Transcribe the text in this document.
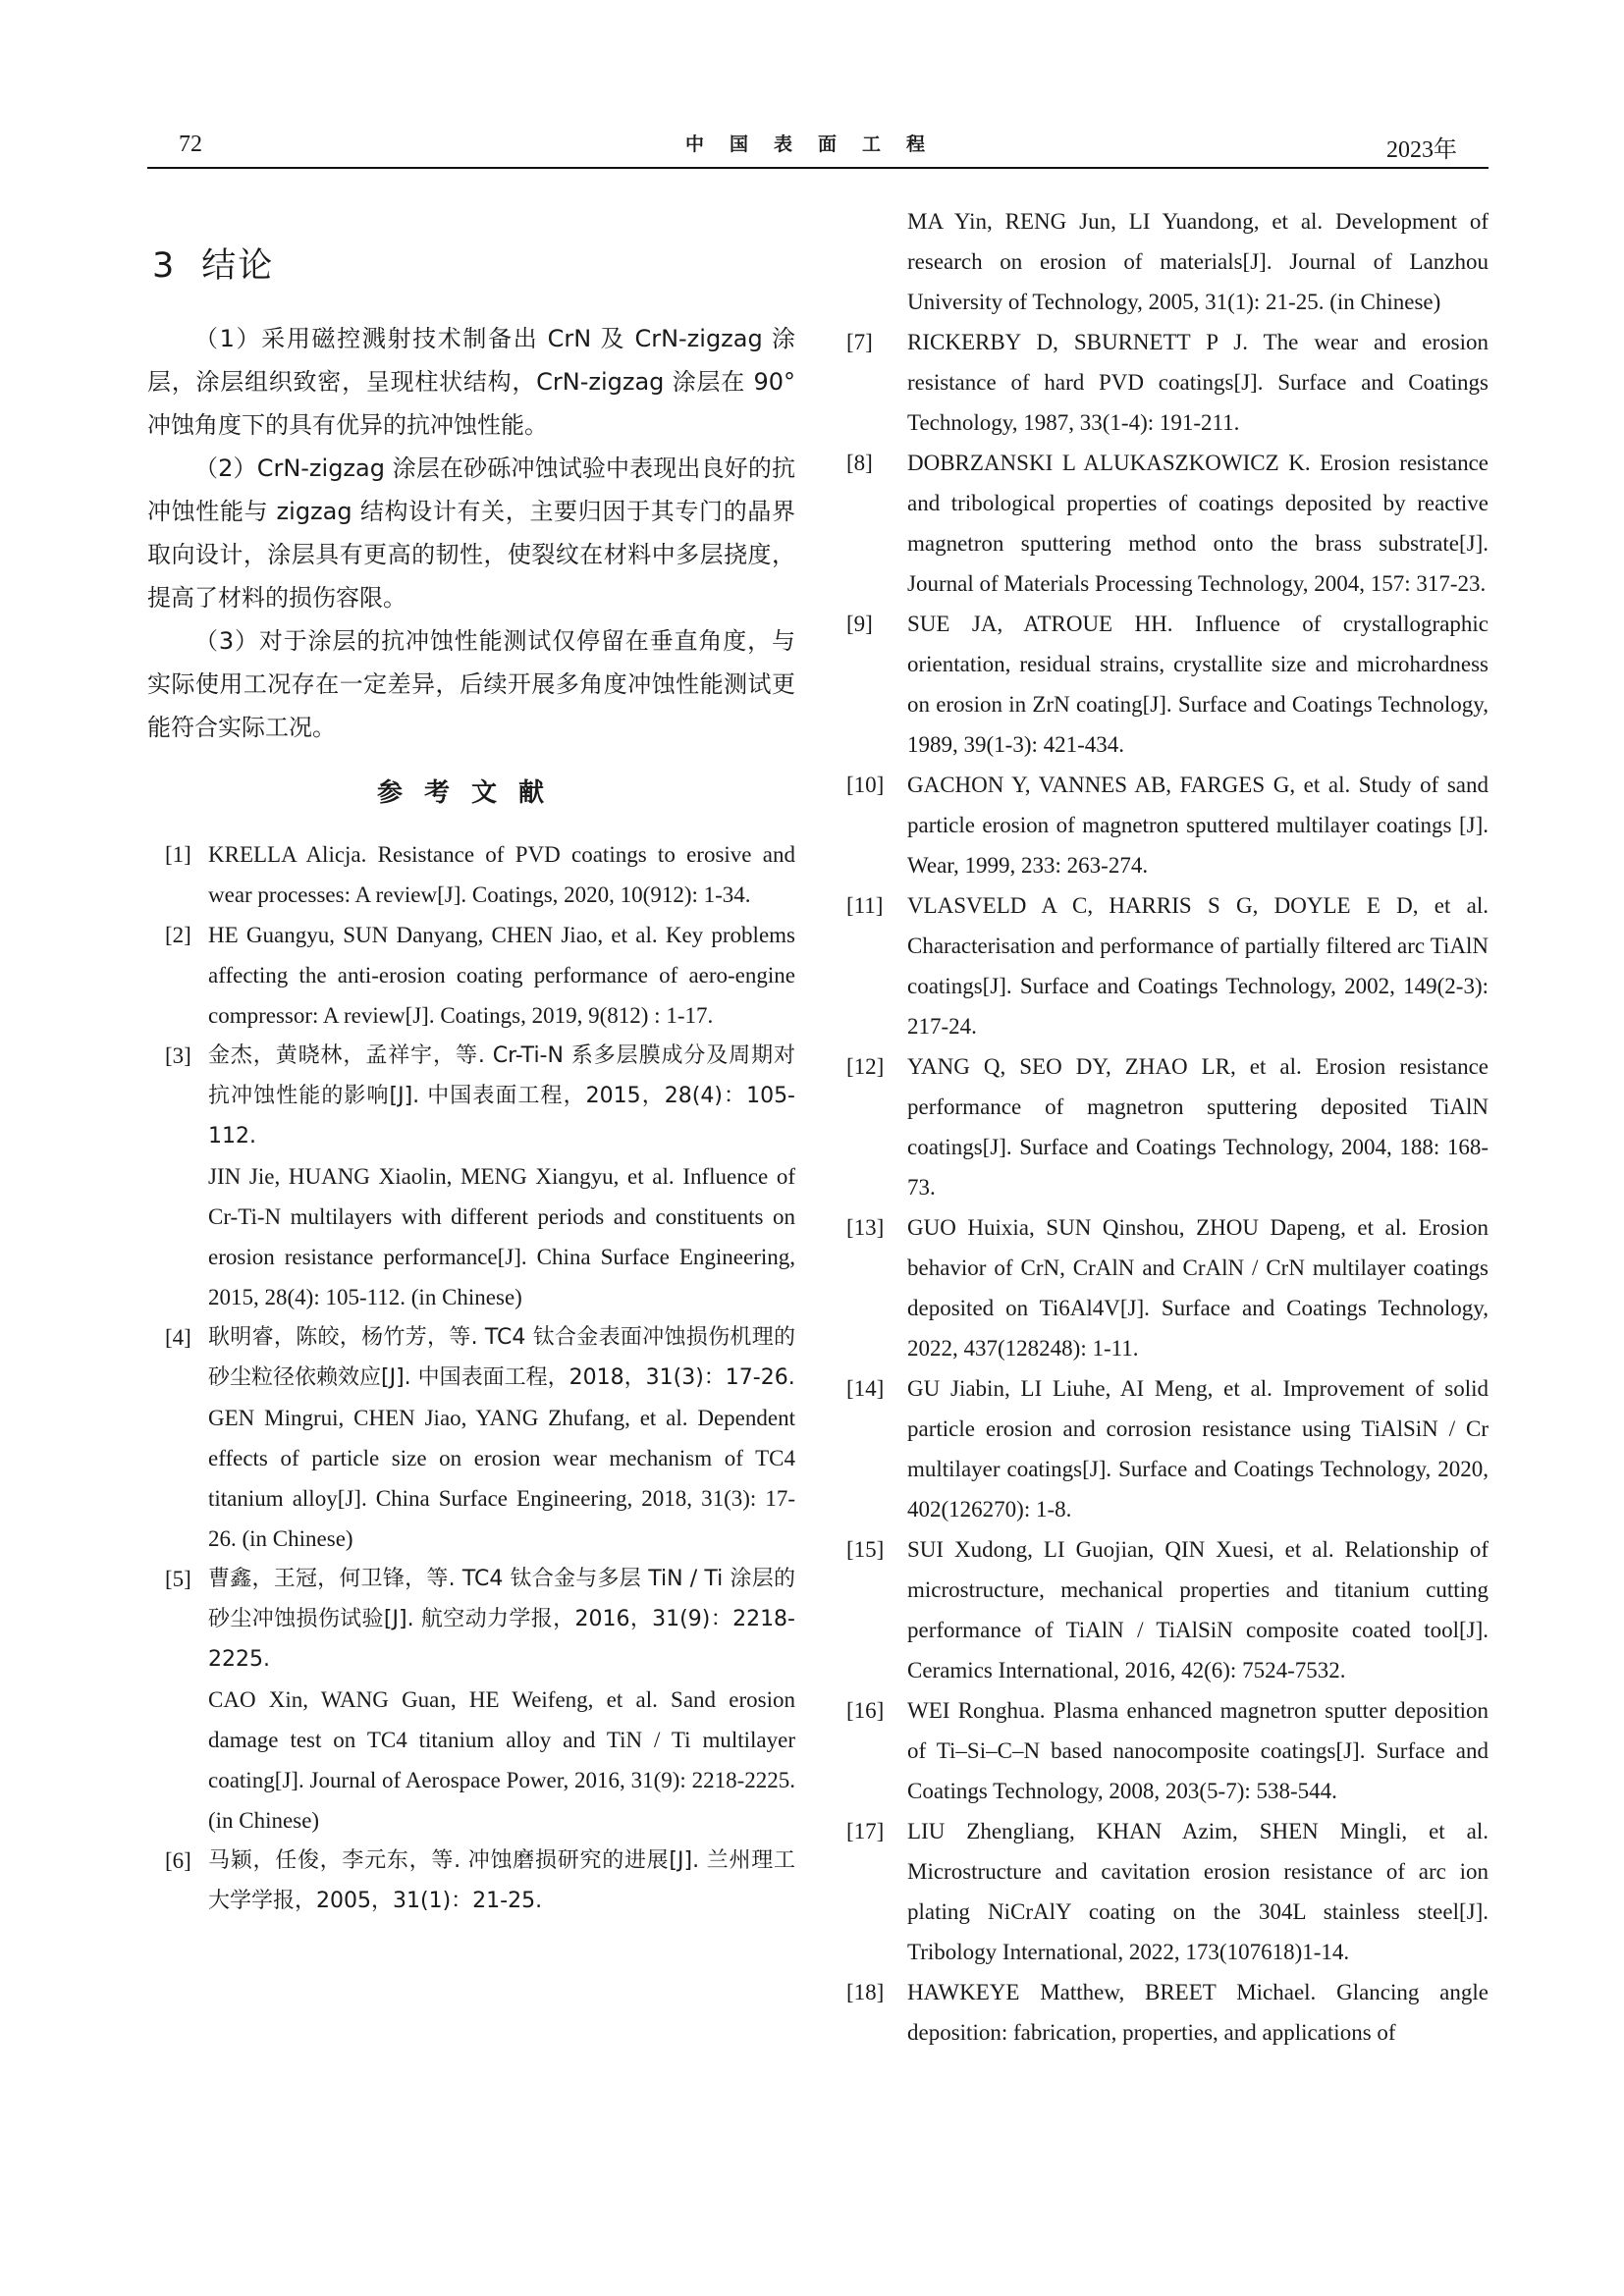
72	中国表面工程	2023年
3 结论

（1）采用磁控溅射技术制备出 CrN 及 CrN-zigzag 涂层，涂层组织致密，呈现柱状结构，CrN-zigzag 涂层在 90° 冲蚀角度下的具有优异的抗冲蚀性能。

（2）CrN-zigzag 涂层在砂砾冲蚀试验中表现出良好的抗冲蚀性能与 zigzag 结构设计有关，主要归因于其专门的晶界取向设计，涂层具有更高的韧性，使裂纹在材料中多层挠度，提高了材料的损伤容限。

（3）对于涂层的抗冲蚀性能测试仅停留在垂直角度，与实际使用工况存在一定差异，后续开展多角度冲蚀性能测试更能符合实际工况。

参考文献
[1] KRELLA Alicja. Resistance of PVD coatings to erosive and wear processes: A review[J]. Coatings, 2020, 10(912): 1-34.
[2] HE Guangyu, SUN Danyang, CHEN Jiao, et al. Key problems affecting the anti-erosion coating performance of aero-engine compressor: A review[J]. Coatings, 2019, 9(812) : 1-17.
[3] 金杰，黄晓林，孟祥宇，等. Cr-Ti-N 系多层膜成分及周期对抗冲蚀性能的影响[J]. 中国表面工程，2015，28(4)：105-112.
JIN Jie, HUANG Xiaolin, MENG Xiangyu, et al. Influence of Cr-Ti-N multilayers with different periods and constituents on erosion resistance performance[J]. China Surface Engineering, 2015, 28(4): 105-112. (in Chinese)
[4] 耿明睿，陈皎，杨竹芳，等. TC4 钛合金表面冲蚀损伤机理的砂尘粒径依赖效应[J]. 中国表面工程，2018，31(3)：17-26.
GEN Mingrui, CHEN Jiao, YANG Zhufang, et al. Dependent effects of particle size on erosion wear mechanism of TC4 titanium alloy[J]. China Surface Engineering, 2018, 31(3): 17-26. (in Chinese)
[5] 曹鑫，王冠，何卫锋，等. TC4 钛合金与多层 TiN / Ti 涂层的砂尘冲蚀损伤试验[J]. 航空动力学报，2016，31(9)：2218-2225.
CAO Xin, WANG Guan, HE Weifeng, et al. Sand erosion damage test on TC4 titanium alloy and TiN / Ti multilayer coating[J]. Journal of Aerospace Power, 2016, 31(9): 2218-2225. (in Chinese)
[6] 马颖，任俊，李元东，等. 冲蚀磨损研究的进展[J]. 兰州理工大学学报，2005，31(1)：21-25.
MA Yin, RENG Jun, LI Yuandong, et al. Development of research on erosion of materials[J]. Journal of Lanzhou University of Technology, 2005, 31(1): 21-25. (in Chinese)
[7] RICKERBY D, SBURNETT P J. The wear and erosion resistance of hard PVD coatings[J]. Surface and Coatings Technology, 1987, 33(1-4): 191-211.
[8] DOBRZANSKI L ALUKASZKOWICZ K. Erosion resistance and tribological properties of coatings deposited by reactive magnetron sputtering method onto the brass substrate[J]. Journal of Materials Processing Technology, 2004, 157: 317-23.
[9] SUE JA, ATROUE HH. Influence of crystallographic orientation, residual strains, crystallite size and microhardness on erosion in ZrN coating[J]. Surface and Coatings Technology, 1989, 39(1-3): 421-434.
[10] GACHON Y, VANNES AB, FARGES G, et al. Study of sand particle erosion of magnetron sputtered multilayer coatings [J]. Wear, 1999, 233: 263-274.
[11] VLASVELD A C, HARRIS S G, DOYLE E D, et al. Characterisation and performance of partially filtered arc TiAlN coatings[J]. Surface and Coatings Technology, 2002, 149(2-3): 217-24.
[12] YANG Q, SEO DY, ZHAO LR, et al. Erosion resistance performance of magnetron sputtering deposited TiAlN coatings[J]. Surface and Coatings Technology, 2004, 188: 168-73.
[13] GUO Huixia, SUN Qinshou, ZHOU Dapeng, et al. Erosion behavior of CrN, CrAlN and CrAlN / CrN multilayer coatings deposited on Ti6Al4V[J]. Surface and Coatings Technology, 2022, 437(128248): 1-11.
[14] GU Jiabin, LI Liuhe, AI Meng, et al. Improvement of solid particle erosion and corrosion resistance using TiAlSiN / Cr multilayer coatings[J]. Surface and Coatings Technology, 2020, 402(126270): 1-8.
[15] SUI Xudong, LI Guojian, QIN Xuesi, et al. Relationship of microstructure, mechanical properties and titanium cutting performance of TiAlN / TiAlSiN composite coated tool[J]. Ceramics International, 2016, 42(6): 7524-7532.
[16] WEI Ronghua. Plasma enhanced magnetron sputter deposition of Ti–Si–C–N based nanocomposite coatings[J]. Surface and Coatings Technology, 2008, 203(5-7): 538-544.
[17] LIU Zhengliang, KHAN Azim, SHEN Mingli, et al. Microstructure and cavitation erosion resistance of arc ion plating NiCrAlY coating on the 304L stainless steel[J]. Tribology International, 2022, 173(107618)1-14.
[18] HAWKEYE Matthew, BREET Michael. Glancing angle deposition: fabrication, properties, and applications of
